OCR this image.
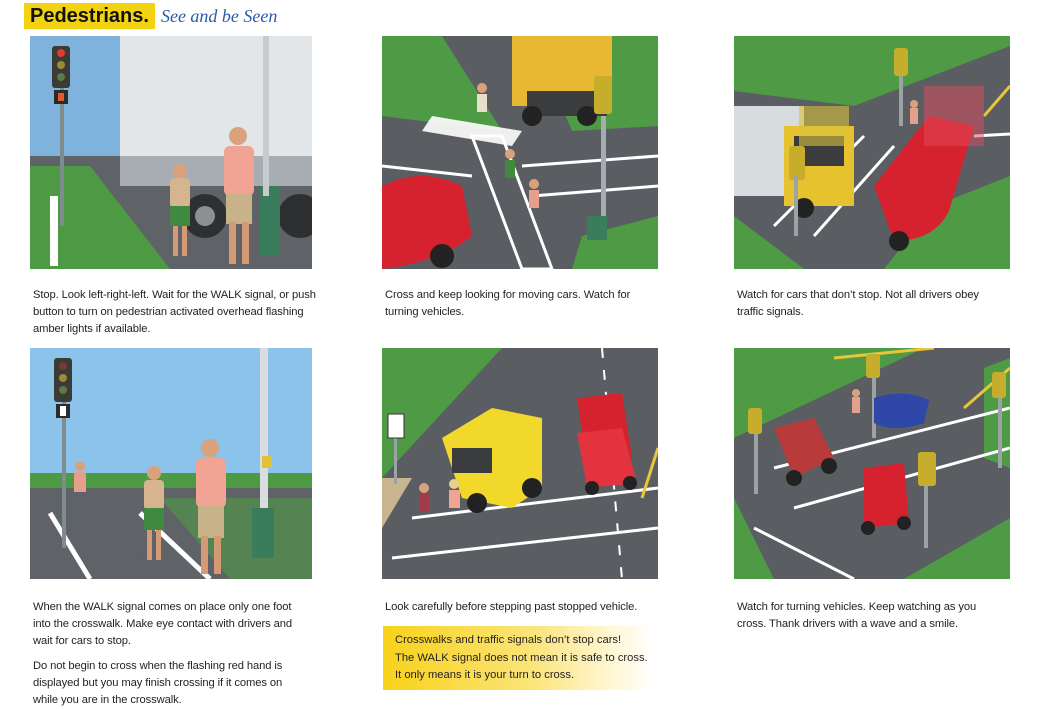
Pedestrians. See and be Seen

Stop. Look left-right-left. Wait for the WALK signal, or push button to turn on pedestrian activated overhead flashing amber lights if available.

Cross and keep looking for moving cars. Watch for turning vehicles.

Watch for cars that don’t stop. Not all drivers obey traffic signals.

When the WALK signal comes on place only one foot into the crosswalk. Make eye contact with drivers and wait for cars to stop.

Do not begin to cross when the flashing red hand is displayed but you may finish crossing if it comes on while you are in the crosswalk.

Look carefully before stepping past stopped vehicle.	Watch for turning vehicles. Keep watching as you cross. Thank drivers with a wave and a smile.

Crosswalks and traffic signals don’t stop cars!
The WALK signal does not mean it is safe to cross.
It only means it is your turn to cross.
